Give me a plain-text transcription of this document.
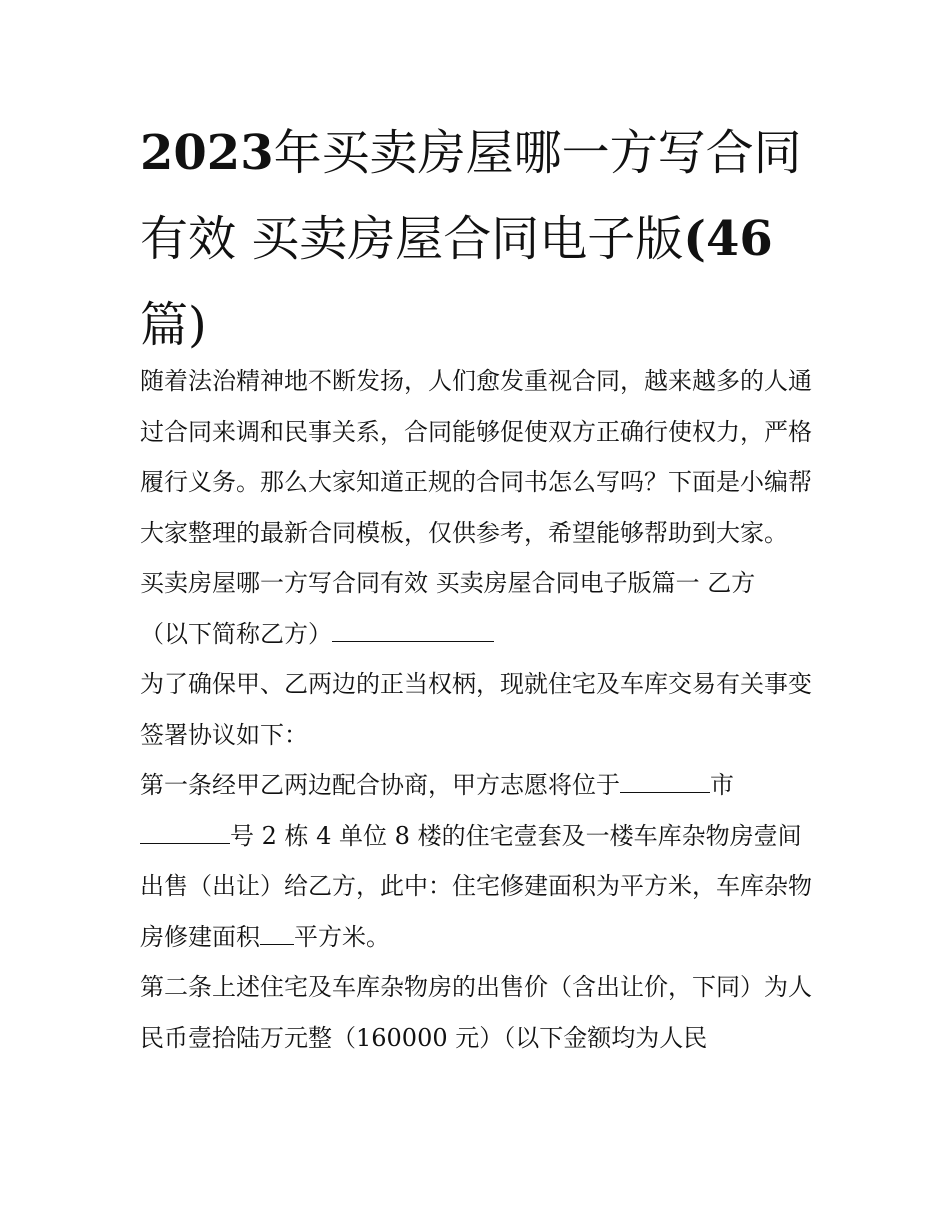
2023年买卖房屋哪一方写合同
有效 买卖房屋合同电子版(46
篇)

随着法治精神地不断发扬，人们愈发重视合同，越来越多的人通过合同来调和民事关系，合同能够促使双方正确行使权力，严格履行义务。那么大家知道正规的合同书怎么写吗？下面是小编帮大家整理的最新合同模板，仅供参考，希望能够帮助到大家。

买卖房屋哪一方写合同有效 买卖房屋合同电子版篇一 乙方
（以下简称乙方）

为了确保甲、乙两边的正当权柄，现就住宅及车库交易有关事变签署协议如下：

第一条经甲乙两边配合协商，甲方志愿将位于	市
号 2 栋 4 单位 8 楼的住宅壹套及一楼车库杂物房壹间出售（出让）给乙方，此中：住宅修建面积为平方米，车库杂物房修建面积 平方米。

第二条上述住宅及车库杂物房的出售价（含出让价，下同）为人民币壹拾陆万元整（160000 元）（以下金额均为人民
